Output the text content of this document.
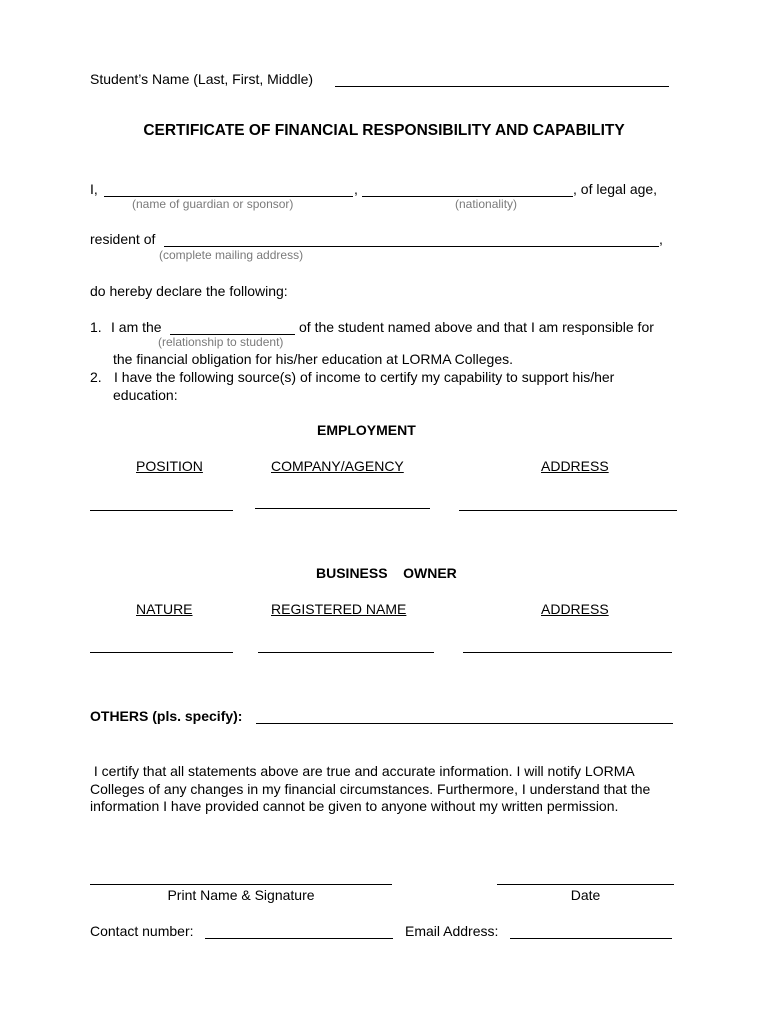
Student’s Name (Last, First, Middle)
CERTIFICATE OF FINANCIAL RESPONSIBILITY AND CAPABILITY
I,	,	, of legal age,
(name of guardian or sponsor)	(nationality)
resident of	,
(complete mailing address)
do hereby declare the following:
1. I am the	of the student named above and that I am responsible for
(relationship to student)
the financial obligation for his/her education at LORMA Colleges.
2. I have the following source(s) of income to certify my capability to support his/her
education:
EMPLOYMENT
POSITION	COMPANY/AGENCY	ADDRESS
BUSINESS    OWNER
NATURE	REGISTERED NAME	ADDRESS
OTHERS (pls. specify):
I certify that all statements above are true and accurate information. I will notify LORMA Colleges of any changes in my financial circumstances. Furthermore, I understand that the information I have provided cannot be given to anyone without my written permission.
Print Name & Signature	Date
Contact number:	Email Address:
